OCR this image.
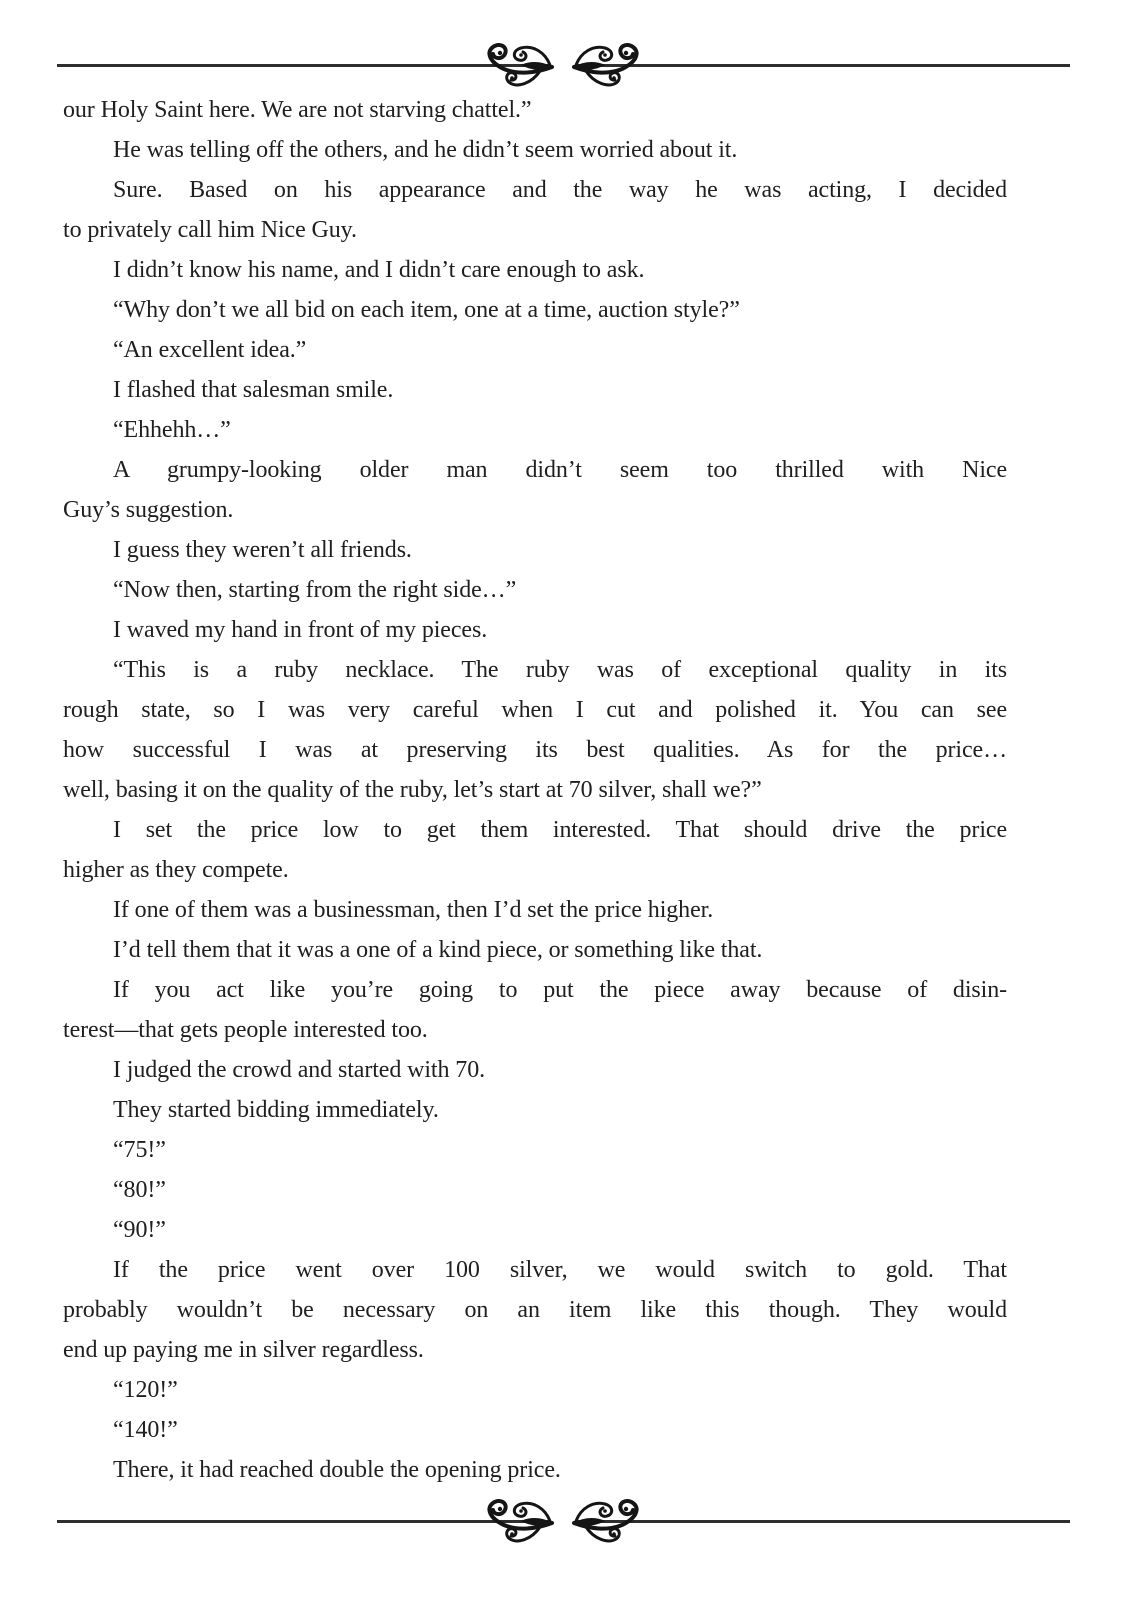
our Holy Saint here. We are not starving chattel.”
He was telling off the others, and he didn’t seem worried about it.
Sure. Based on his appearance and the way he was acting, I decided
to privately call him Nice Guy.
I didn’t know his name, and I didn’t care enough to ask.
“Why don’t we all bid on each item, one at a time, auction style?”
“An excellent idea.”
I flashed that salesman smile.
“Ehhehh…”
A grumpy-looking older man didn’t seem too thrilled with Nice
Guy’s suggestion.
I guess they weren’t all friends.
“Now then, starting from the right side…”
I waved my hand in front of my pieces.
“This is a ruby necklace. The ruby was of exceptional quality in its
rough state, so I was very careful when I cut and polished it. You can see
how successful I was at preserving its best qualities. As for the price…
well, basing it on the quality of the ruby, let’s start at 70 silver, shall we?”
I set the price low to get them interested. That should drive the price
higher as they compete.
If one of them was a businessman, then I’d set the price higher.
I’d tell them that it was a one of a kind piece, or something like that.
If you act like you’re going to put the piece away because of disin-
terest—that gets people interested too.
I judged the crowd and started with 70.
They started bidding immediately.
“75!”
“80!”
“90!”
If the price went over 100 silver, we would switch to gold. That
probably wouldn’t be necessary on an item like this though. They would
end up paying me in silver regardless.
“120!”
“140!”
There, it had reached double the opening price.
